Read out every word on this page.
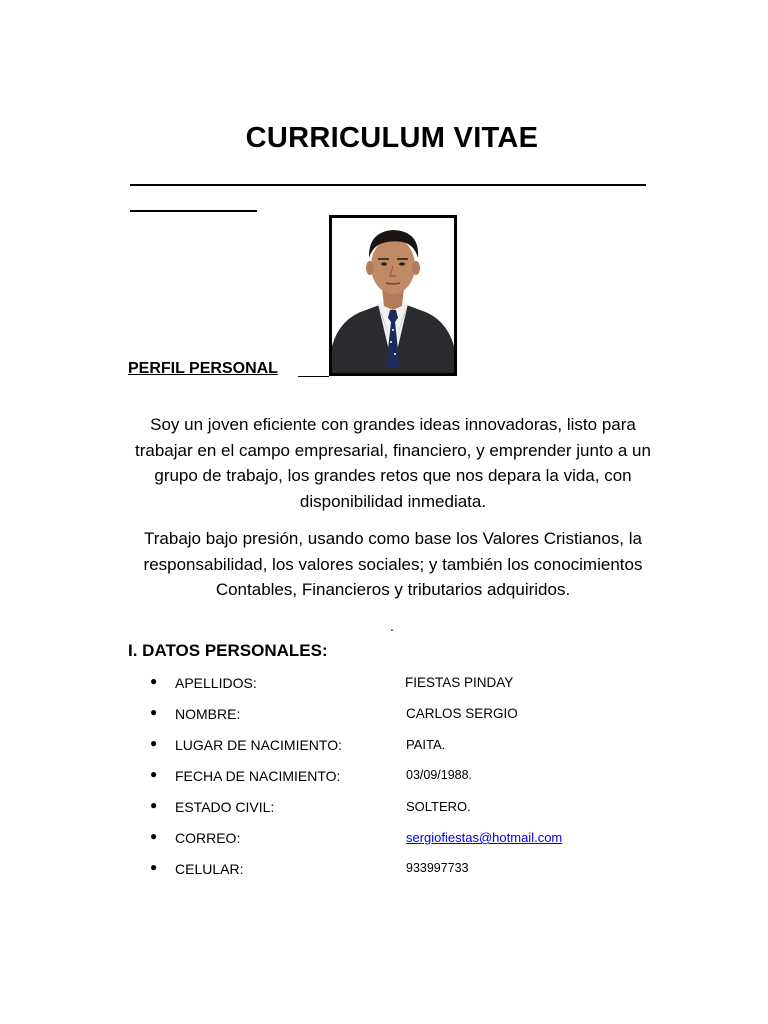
CURRICULUM VITAE
PERFIL PERSONAL
Soy un joven eficiente con grandes ideas innovadoras, listo para trabajar en el campo empresarial, financiero, y emprender junto a un grupo de trabajo, los grandes retos que nos depara la vida, con disponibilidad inmediata.
Trabajo bajo presión, usando como base los Valores Cristianos, la responsabilidad, los valores sociales; y también los conocimientos Contables, Financieros y tributarios adquiridos.
.
I. DATOS PERSONALES:
● APELLIDOS:	FIESTAS PINDAY
● NOMBRE:	CARLOS SERGIO
● LUGAR DE NACIMIENTO:	PAITA.
● FECHA DE NACIMIENTO:	03/09/1988.
● ESTADO CIVIL:	SOLTERO.
● CORREO:	sergiofiestas@hotmail.com
● CELULAR:	933997733
